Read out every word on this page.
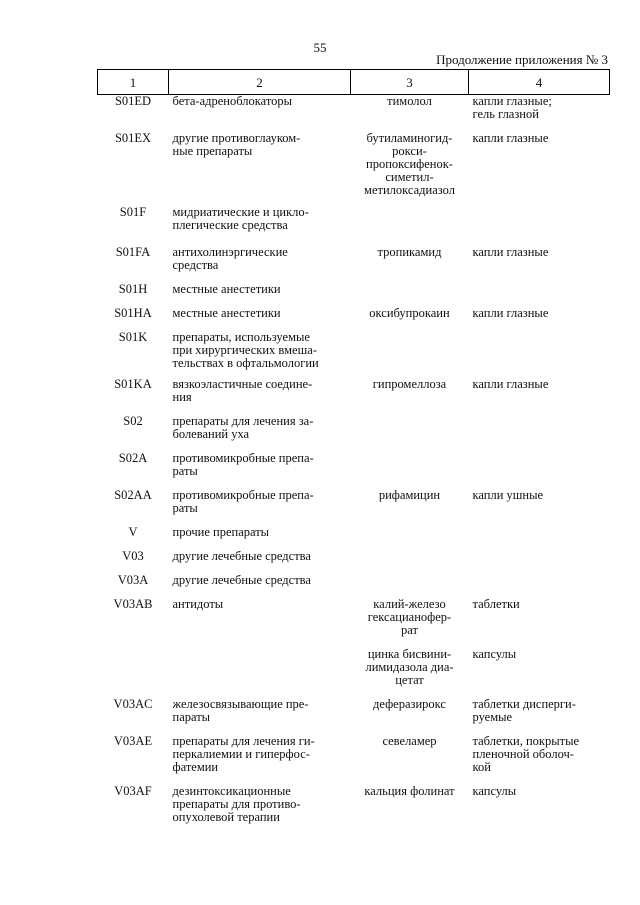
55
Продолжение приложения № 3
1	2	3	4

S01ED	бета-адреноблокаторы	тимолол	капли глазные;
гель глазной

S01EX	другие противоглауком-
ные препараты	бутиламиногид-
рокси-
пропоксифенок-
симетил-
метилоксадиазол	капли глазные

S01F	мидриатические и цикло-
плегические средства		

S01FA	антихолинэргические
средства	тропикамид	капли глазные

S01H	местные анестетики		

S01HA	местные анестетики	оксибупрокаин	капли глазные

S01K	препараты, используемые
при хирургических вмеша-
тельствах в офтальмологии		

S01KA	вязкоэластичные соедине-
ния	гипромеллоза	капли глазные

S02	препараты для лечения за-
болеваний уха		

S02A	противомикробные препа-
раты		

S02AA	противомикробные препа-
раты	рифамицин	капли ушные

V	прочие препараты		

V03	другие лечебные средства		

V03A	другие лечебные средства		

V03AB	антидоты	калий-железо
гексацианофер-
рат	таблетки

		цинка бисвини-
лимидазола диа-
цетат	капсулы

V03AC	железосвязывающие пре-
параты	деферазирокс	таблетки дисперги-
руемые

V03AE	препараты для лечения ги-
перкалиемии и гиперфос-
фатемии	севеламер	таблетки, покрытые
пленочной оболоч-
кой

V03AF	дезинтоксикационные
препараты для противо-
опухолевой терапии	кальция фолинат	капсулы
